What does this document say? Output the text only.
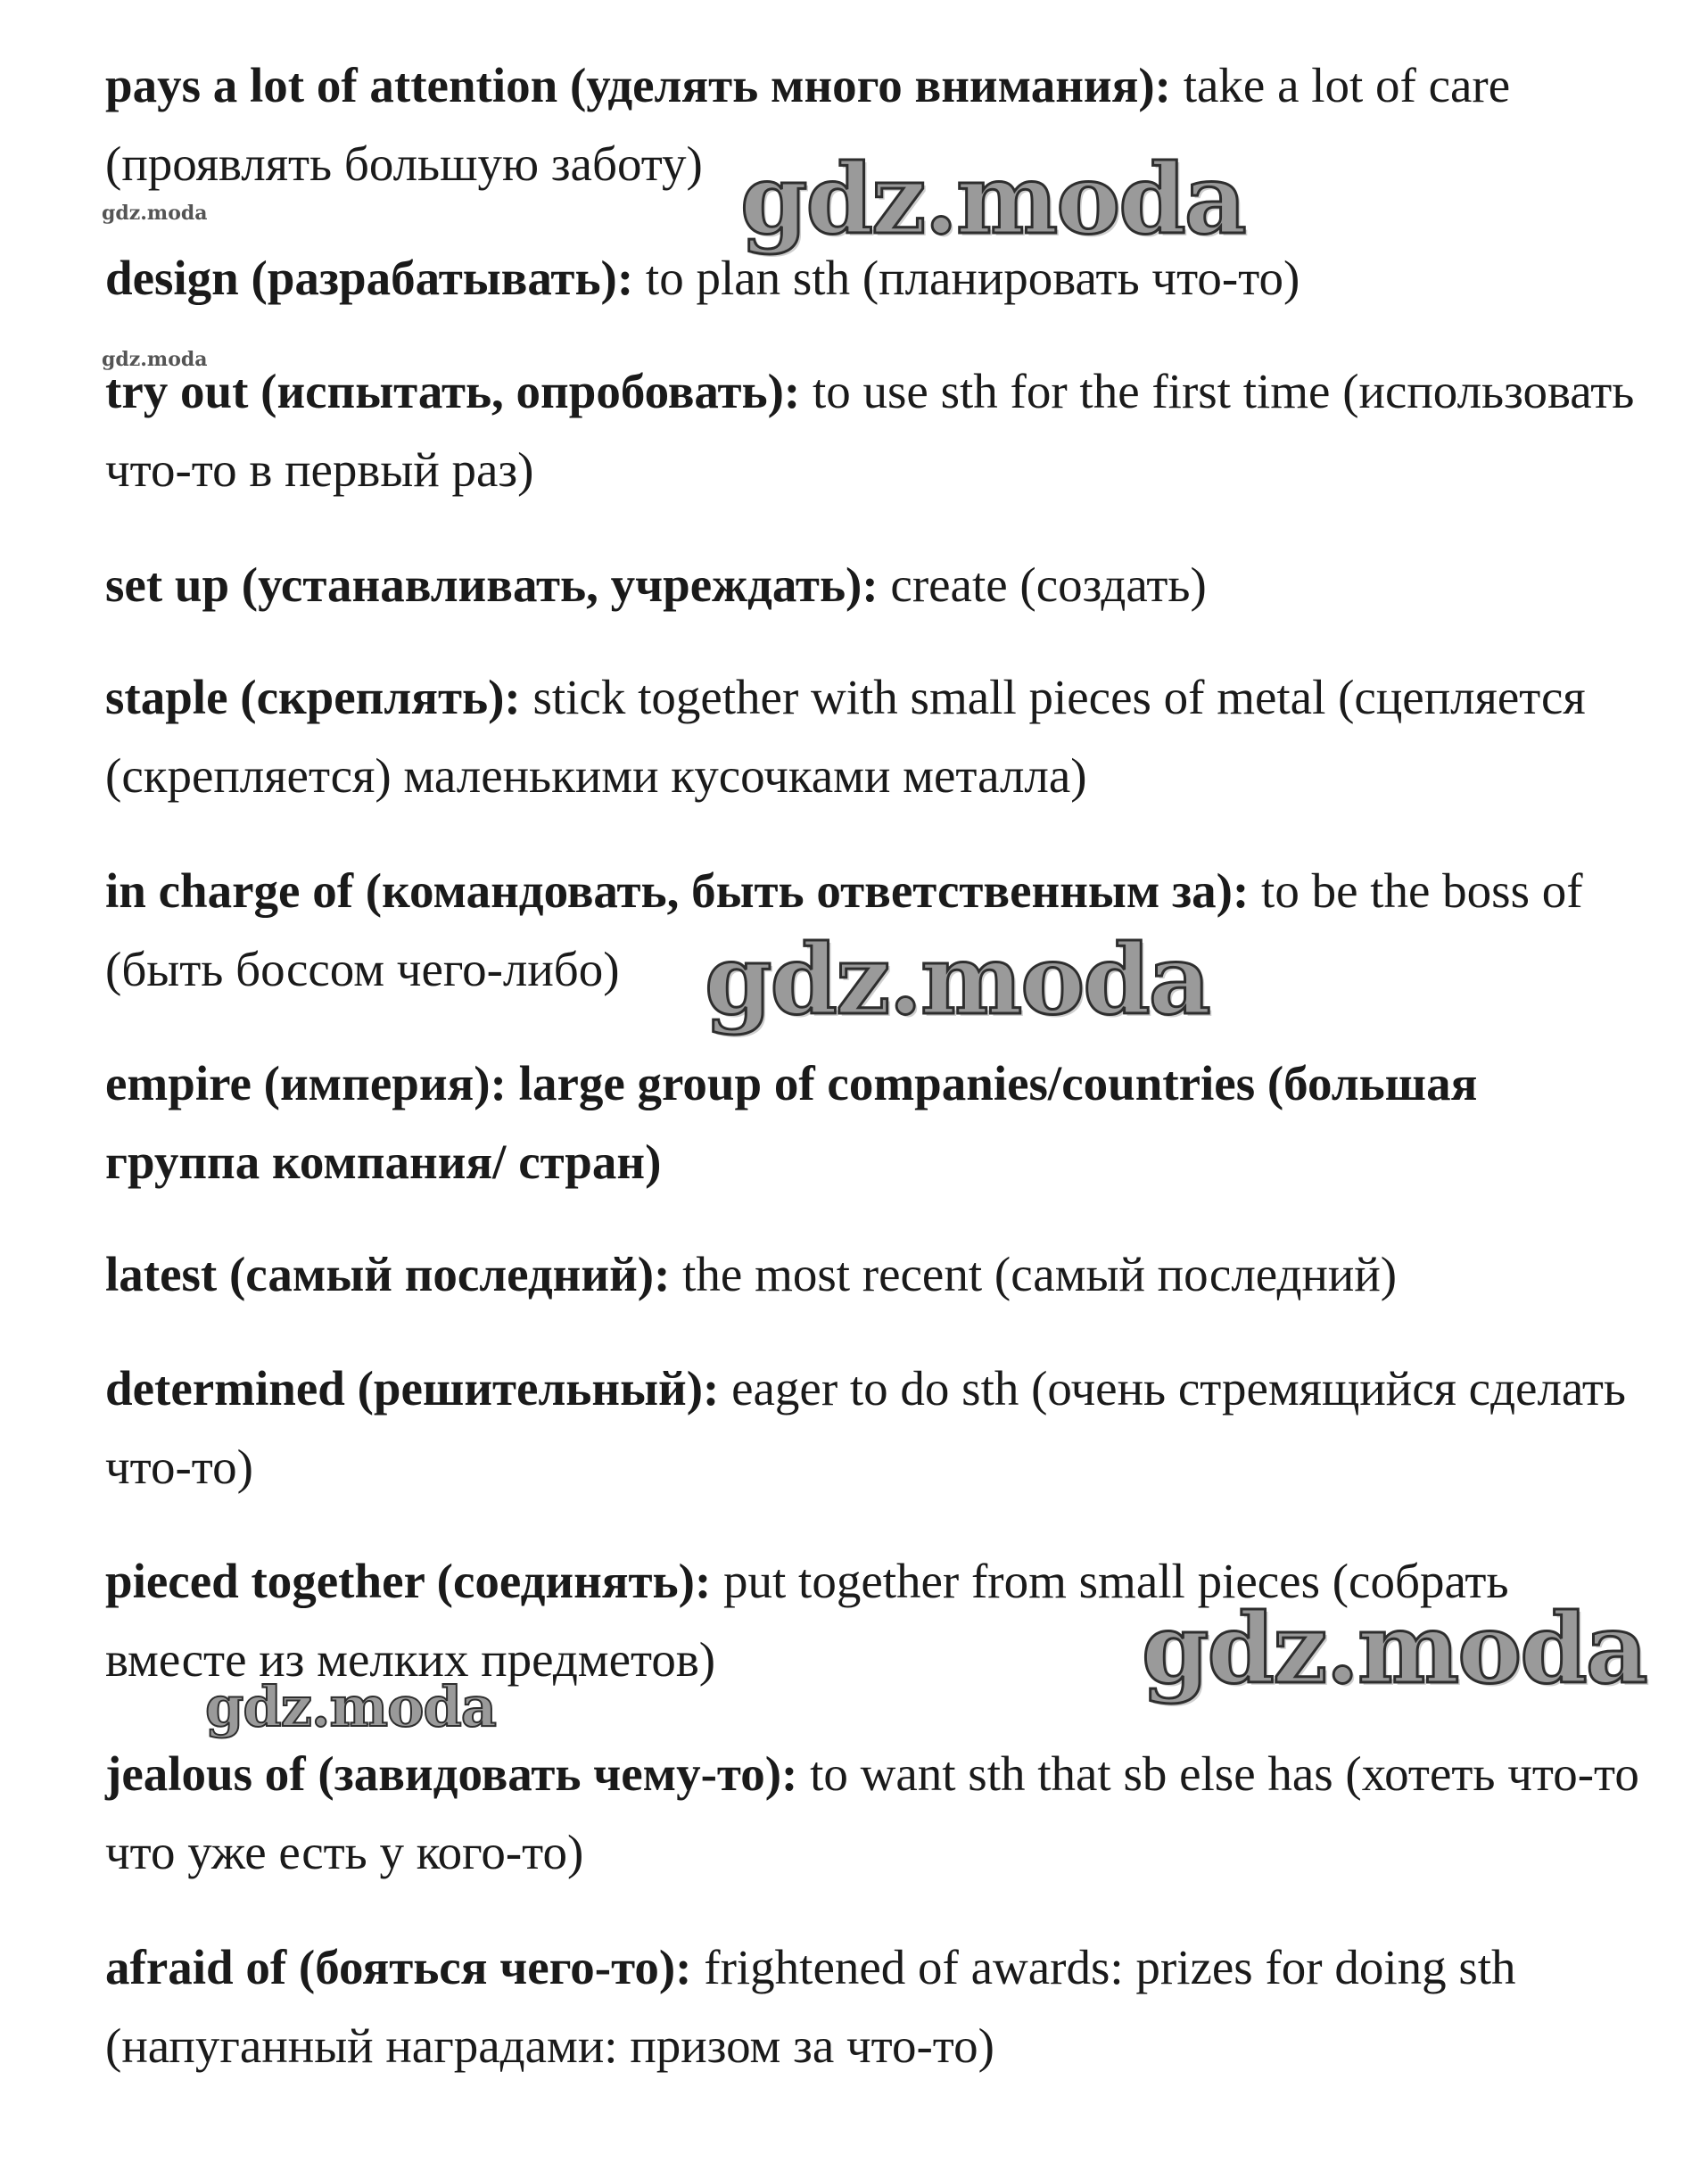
pays a lot of attention (уделять много внимания): take a lot of care (проявлять большую заботу)

design (разрабатывать): to plan sth (планировать что-то)

try out (испытать, опробовать): to use sth for the first time (использовать что-то в первый раз)

set up (устанавливать, учреждать): create (создать)

staple (скреплять): stick together with small pieces of metal (сцепляется (скрепляется) маленькими кусочками металла)

in charge of (командовать, быть ответственным за): to be the boss of (быть боссом чего-либо)

empire (империя): large group of companies/countries (большая группа компания/ стран)

latest (самый последний): the most recent (самый последний)

determined (решительный): eager to do sth (очень стремящийся сделать что-то)

pieced together (соединять): put together from small pieces (собрать вместе из мелких предметов)

jealous of (завидовать чему-то): to want sth that sb else has (хотеть что-то что уже есть у кого-то)

afraid of (бояться чего-то): frightened of awards: prizes for doing sth (напуганный наградами: призом за что-то)

gdz.moda
gdz.moda
gdz.moda
gdz.moda
gdz.moda
gdz.moda
